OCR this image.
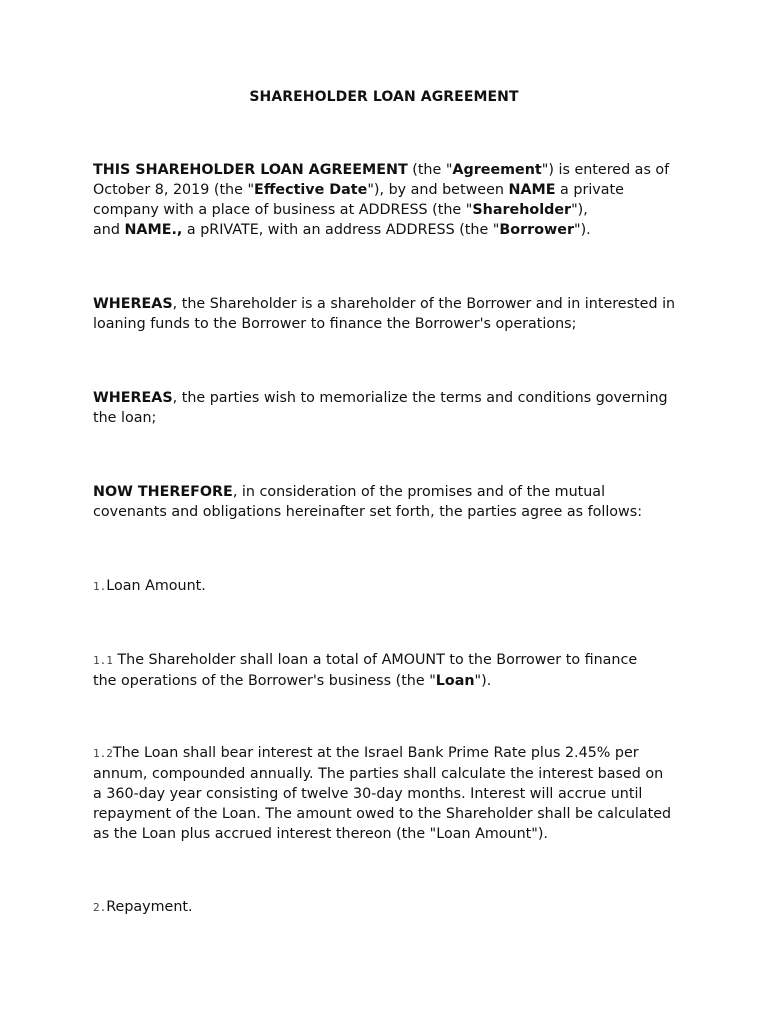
SHAREHOLDER LOAN AGREEMENT
THIS SHAREHOLDER LOAN AGREEMENT (the "Agreement") is entered as of
October 8, 2019 (the "Effective Date"), by and between NAME a private
company with a place of business at ADDRESS (the "Shareholder"),
and NAME., a pRIVATE, with an address ADDRESS (the "Borrower").
WHEREAS, the Shareholder is a shareholder of the Borrower and in interested in
loaning funds to the Borrower to finance the Borrower's operations;
WHEREAS, the parties wish to memorialize the terms and conditions governing
the loan;
NOW THEREFORE, in consideration of the promises and of the mutual
covenants and obligations hereinafter set forth, the parties agree as follows:
1.Loan Amount.
1.1 The Shareholder shall loan a total of AMOUNT to the Borrower to finance
the operations of the Borrower's business (the "Loan").
1.2The Loan shall bear interest at the Israel Bank Prime Rate plus 2.45% per
annum, compounded annually. The parties shall calculate the interest based on
a 360-day year consisting of twelve 30-day months. Interest will accrue until
repayment of the Loan. The amount owed to the Shareholder shall be calculated
as the Loan plus accrued interest thereon (the "Loan Amount").
2.Repayment.
